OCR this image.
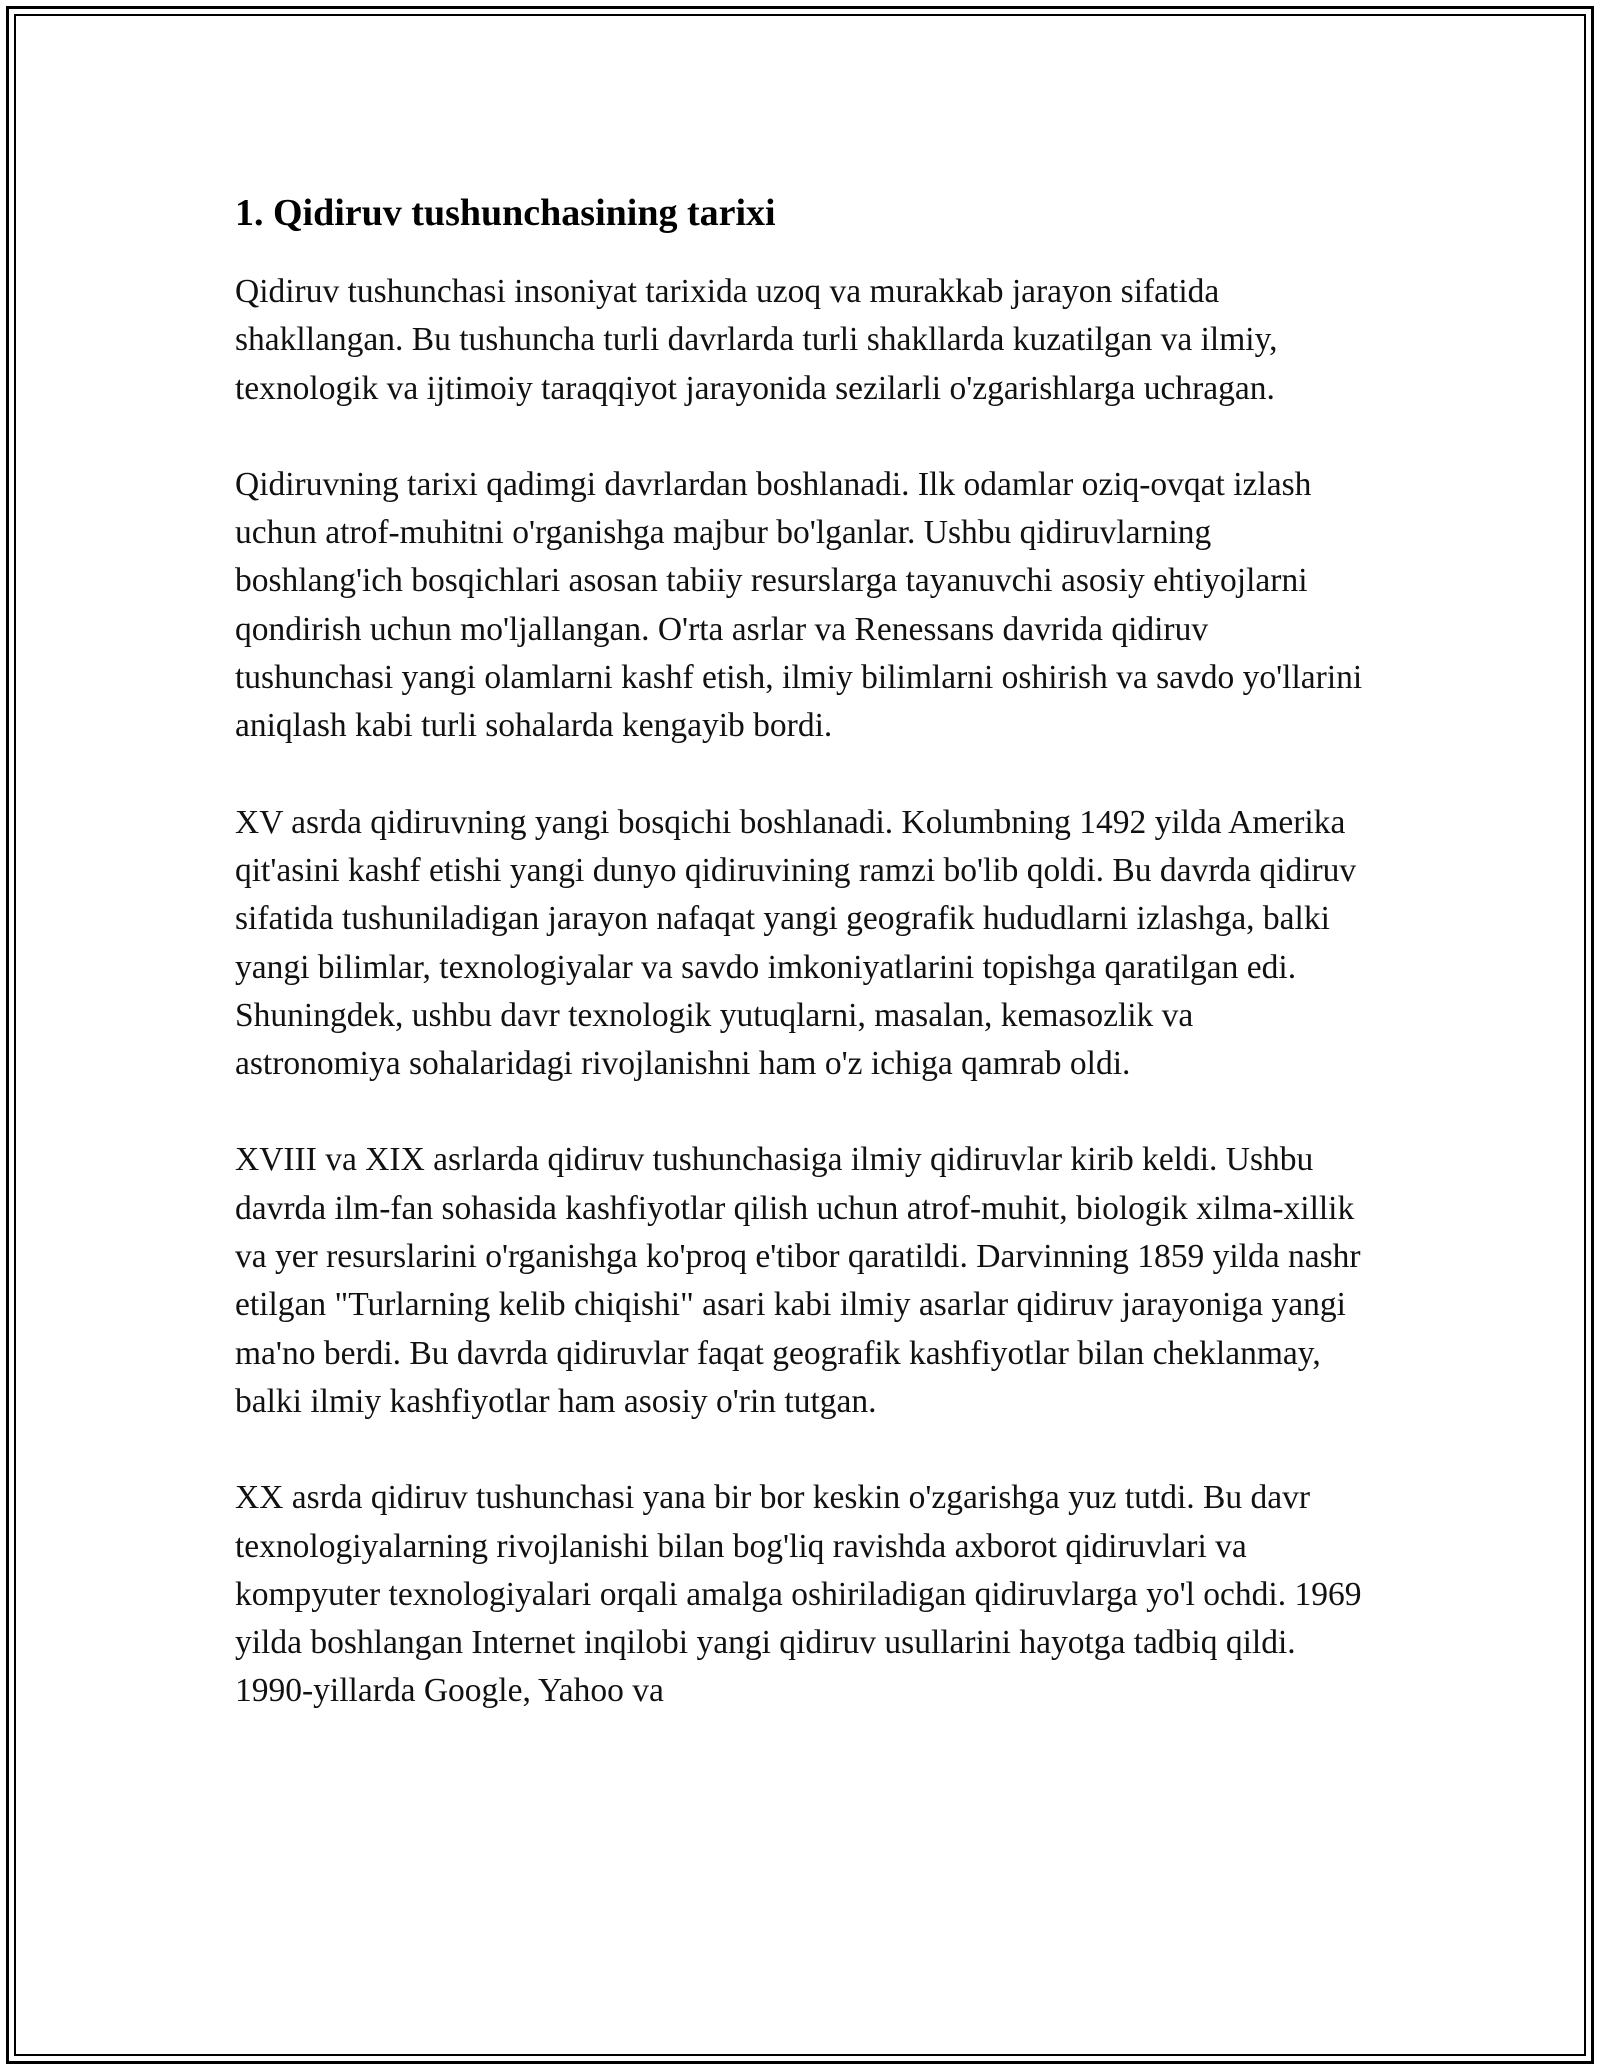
1. Qidiruv tushunchasining tarixi

Qidiruv tushunchasi insoniyat tarixida uzoq va murakkab jarayon sifatida shakllangan. Bu tushuncha turli davrlarda turli shakllarda kuzatilgan va ilmiy, texnologik va ijtimoiy taraqqiyot jarayonida sezilarli o'zgarishlarga uchragan.

Qidiruvning tarixi qadimgi davrlardan boshlanadi. Ilk odamlar oziq-ovqat izlash uchun atrof-muhitni o'rganishga majbur bo'lganlar. Ushbu qidiruvlarning boshlang'ich bosqichlari asosan tabiiy resurslarga tayanuvchi asosiy ehtiyojlarni qondirish uchun mo'ljallangan. O'rta asrlar va Renessans davrida qidiruv tushunchasi yangi olamlarni kashf etish, ilmiy bilimlarni oshirish va savdo yo'llarini aniqlash kabi turli sohalarda kengayib bordi.

XV asrda qidiruvning yangi bosqichi boshlanadi. Kolumbning 1492 yilda Amerika qit'asini kashf etishi yangi dunyo qidiruvining ramzi bo'lib qoldi. Bu davrda qidiruv sifatida tushuniladigan jarayon nafaqat yangi geografik hududlarni izlashga, balki yangi bilimlar, texnologiyalar va savdo imkoniyatlarini topishga qaratilgan edi. Shuningdek, ushbu davr texnologik yutuqlarni, masalan, kemasozlik va astronomiya sohalaridagi rivojlanishni ham o'z ichiga qamrab oldi.

XVIII va XIX asrlarda qidiruv tushunchasiga ilmiy qidiruvlar kirib keldi. Ushbu davrda ilm-fan sohasida kashfiyotlar qilish uchun atrof-muhit, biologik xilma-xillik va yer resurslarini o'rganishga ko'proq e'tibor qaratildi. Darvinning 1859 yilda nashr etilgan "Turlarning kelib chiqishi" asari kabi ilmiy asarlar qidiruv jarayoniga yangi ma'no berdi. Bu davrda qidiruvlar faqat geografik kashfiyotlar bilan cheklanmay, balki ilmiy kashfiyotlar ham asosiy o'rin tutgan.

XX asrda qidiruv tushunchasi yana bir bor keskin o'zgarishga yuz tutdi. Bu davr texnologiyalarning rivojlanishi bilan bog'liq ravishda axborot qidiruvlari va kompyuter texnologiyalari orqali amalga oshiriladigan qidiruvlarga yo'l ochdi. 1969 yilda boshlangan Internet inqilobi yangi qidiruv usullarini hayotga tadbiq qildi. 1990-yillarda Google, Yahoo va
